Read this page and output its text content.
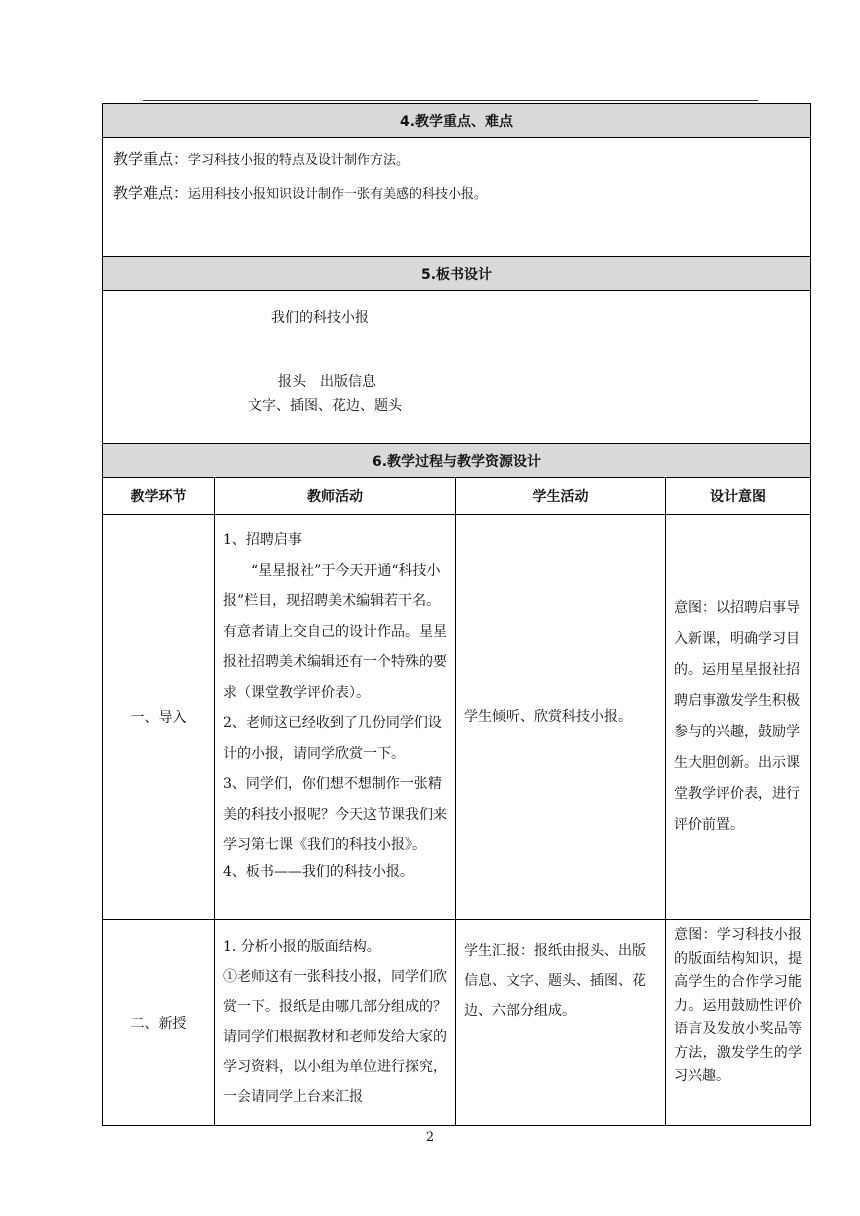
4.教学重点、难点			

教学重点：学习科技小报的特点及设计制作方法。

教学难点：运用科技小报知识设计制作一张有美感的科技小报。			

5.板书设计			

我们的科技小报
报头　出版信息
文字、插图、花边、题头			

6.教学过程与教学资源设计			
教学环节	教师活动	学生活动	设计意图
一、导入	1、招聘启事

“星星报社”于今天开通“科技小报”栏目，现招聘美术编辑若干名。有意者请上交自己的设计作品。星星报社招聘美术编辑还有一个特殊的要求（课堂教学评价表）。

2、老师这已经收到了几份同学们设计的小报，请同学欣赏一下。

3、同学们，你们想不想制作一张精美的科技小报呢？今天这节课我们来学习第七课《我们的科技小报》。

4、板书——我们的科技小报。	学生倾听、欣赏科技小报。	意图：以招聘启事导入新课，明确学习目的。运用星星报社招聘启事激发学生积极参与的兴趣，鼓励学生大胆创新。出示课堂教学评价表，进行评价前置。
二、新授	1. 分析小报的版面结构。

①老师这有一张科技小报，同学们欣赏一下。报纸是由哪几部分组成的？请同学们根据教材和老师发给大家的学习资料，以小组为单位进行探究，一会请同学上台来汇报	学生汇报：报纸由报头、出版信息、文字、题头、插图、花边、六部分组成。	意图：学习科技小报的版面结构知识，提高学生的合作学习能力。运用鼓励性评价语言及发放小奖品等方法，激发学生的学习兴趣。
2
